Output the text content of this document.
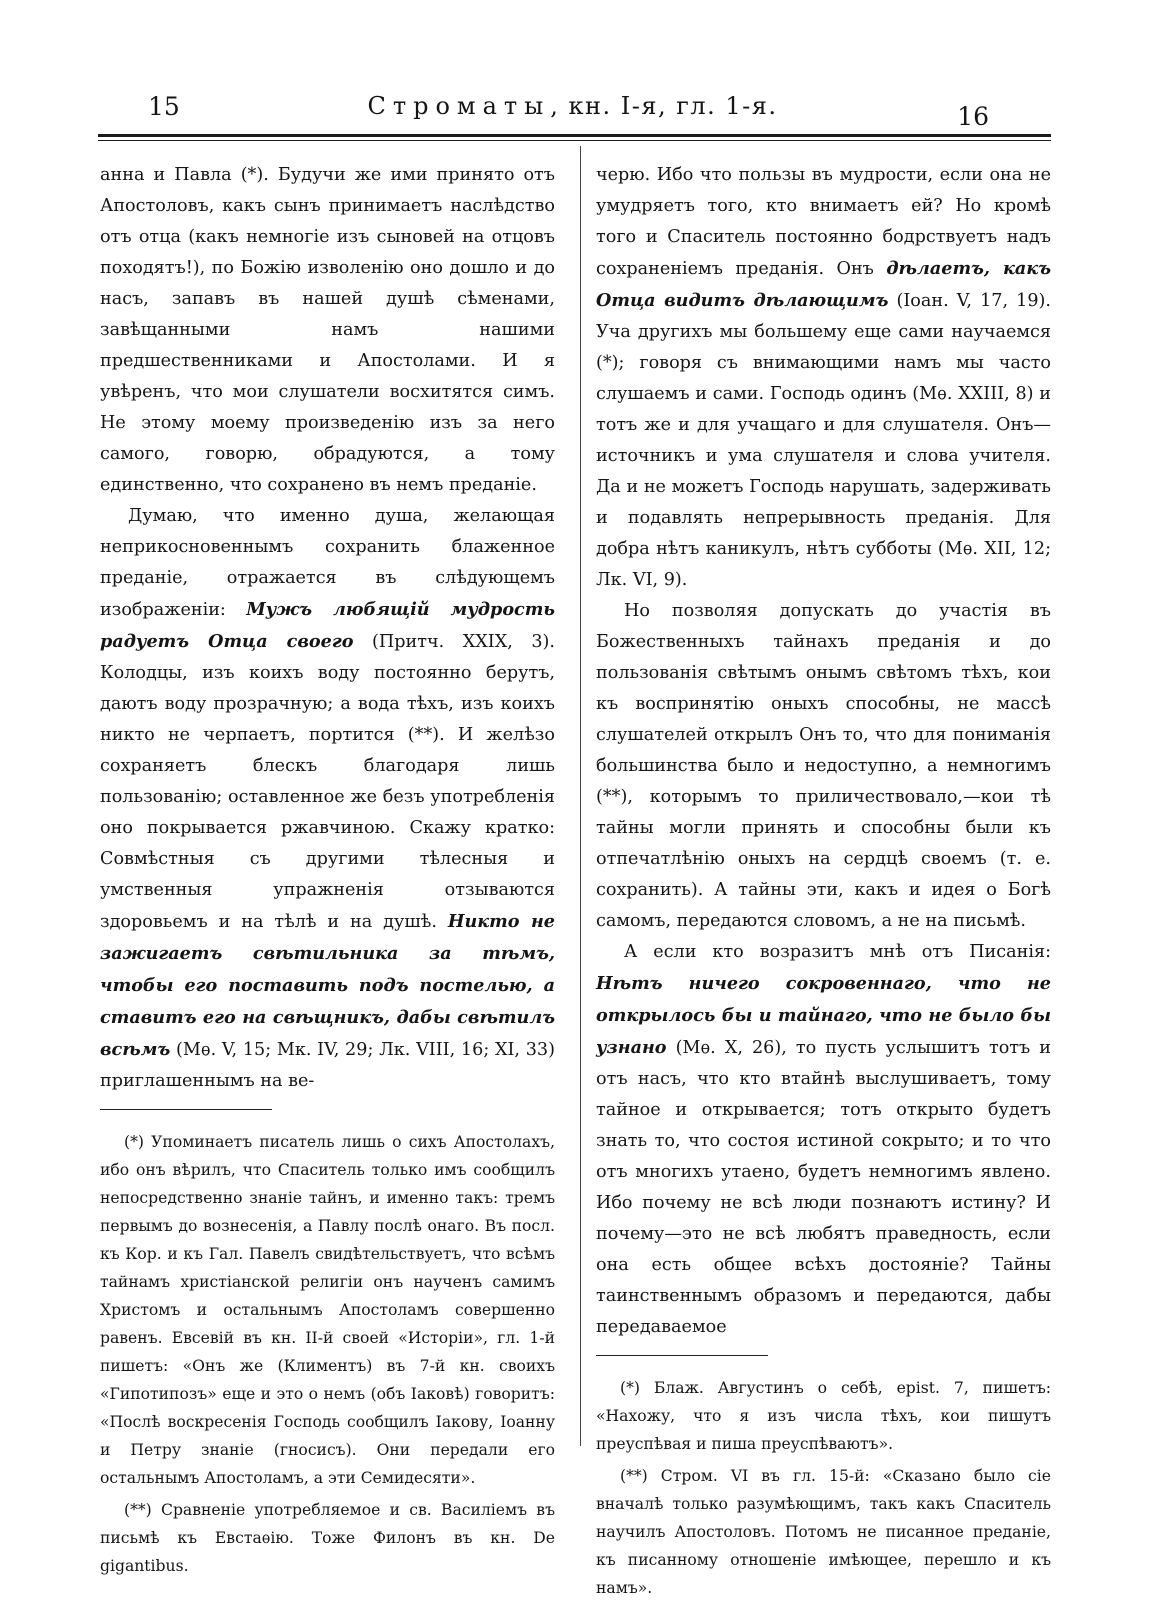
15	Строматы, кн. I-я, гл. 1-я.	16

анна и Павла (*). Будучи же ими принято отъ Апостоловъ, какъ сынъ принимаетъ наслѣдство отъ отца (какъ немногіе изъ сыновей на отцовъ походятъ!), по Божію изволенію оно дошло и до насъ, запавъ въ нашей душѣ сѣменами, завѣщанными намъ нашими предшественниками и Апостолами. И я увѣренъ, что мои слушатели восхитятся симъ. Не этому моему произведенію изъ за него самого, говорю, обрадуются, а тому единственно, что сохранено въ немъ преданіе.

Думаю, что именно душа, желающая неприкосновеннымъ сохранить блаженное преданіе, отражается въ слѣдующемъ изображеніи: Мужъ любящій мудрость радуетъ Отца своего (Притч. XXIX, 3). Колодцы, изъ коихъ воду постоянно берутъ, даютъ воду прозрачную; а вода тѣхъ, изъ коихъ никто не черпаетъ, портится (**). И желѣзо сохраняетъ блескъ благодаря лишь пользованію; оставленное же безъ употребленія оно покрывается ржавчиною. Скажу кратко: Совмѣстныя съ другими тѣлесныя и умственныя упражненія отзываются здоровьемъ и на тѣлѣ и на душѣ. Никто не зажигаетъ свѣтильника за тѣмъ, чтобы его поставить подъ постелью, а ставитъ его на свѣщникъ, дабы свѣтилъ всѣмъ (Мѳ. V, 15; Мк. IV, 29; Лк. VIII, 16; XI, 33) приглашеннымъ на ве-

(*) Упоминаетъ писатель лишь о сихъ Апостолахъ, ибо онъ вѣрилъ, что Спаситель только имъ сообщилъ непосредственно знаніе тайнъ, и именно такъ: тремъ первымъ до вознесенія, а Павлу послѣ онаго. Въ посл. къ Кор. и къ Гал. Павелъ свидѣтельствуетъ, что всѣмъ тайнамъ христіанской религіи онъ наученъ самимъ Христомъ и остальнымъ Апостоламъ совершенно равенъ. Евсевій въ кн. II-й своей «Исторіи», гл. 1-й пишетъ: «Онъ же (Климентъ) въ 7-й кн. своихъ «Гипотипозъ» еще и это о немъ (объ Іаковѣ) говоритъ: «Послѣ воскресенія Господь сообщилъ Іакову, Іоанну и Петру знаніе (гносисъ). Они передали его остальнымъ Апостоламъ, а эти Семидесяти».

(**) Сравненіе употребляемое и св. Василіемъ въ письмѣ къ Евстаѳію. Тоже Филонъ въ кн. De gigantibus.

черю. Ибо что пользы въ мудрости, если она не умудряетъ того, кто внимаетъ ей? Но кромѣ того и Спаситель постоянно бодрствуетъ надъ сохраненіемъ преданія. Онъ дѣлаетъ, какъ Отца видитъ дѣлающимъ (Іоан. V, 17, 19). Уча другихъ мы большему еще сами научаемся (*); говоря съ внимающими намъ мы часто слушаемъ и сами. Господь одинъ (Мѳ. XXIII, 8) и тотъ же и для учащаго и для слушателя. Онъ—источникъ и ума слушателя и слова учителя. Да и не можетъ Господь нарушать, задерживать и подавлять непрерывность преданія. Для добра нѣтъ каникулъ, нѣтъ субботы (Мѳ. XII, 12; Лк. VI, 9).

Но позволяя допускать до участія въ Божественныхъ тайнахъ преданія и до пользованія свѣтымъ онымъ свѣтомъ тѣхъ, кои къ воспринятію оныхъ способны, не массѣ слушателей открылъ Онъ то, что для пониманія большинства было и недоступно, а немногимъ (**), которымъ то приличествовало,—кои тѣ тайны могли принять и способны были къ отпечатлѣнію оныхъ на сердцѣ своемъ (т. е. сохранить). А тайны эти, какъ и идея о Богѣ самомъ, передаются словомъ, а не на письмѣ.

А если кто возразитъ мнѣ отъ Писанія: Нѣтъ ничего сокровеннаго, что не открылось бы и тайнаго, что не было бы узнано (Мѳ. X, 26), то пусть услышитъ тотъ и отъ насъ, что кто втайнѣ выслушиваетъ, тому тайное и открывается; тотъ открыто будетъ знать то, что состоя истиной сокрыто; и то что отъ многихъ утаено, будетъ немногимъ явлено. Ибо почему не всѣ люди познаютъ истину? И почему—это не всѣ любятъ праведность, если она есть общее всѣхъ достояніе? Тайны таинственнымъ образомъ и передаются, дабы передаваемое

(*) Блаж. Августинъ о себѣ, epist. 7, пишетъ: «Нахожу, что я изъ числа тѣхъ, кои пишутъ преуспѣвая и пиша преуспѣваютъ».

(**) Стром. VI въ гл. 15-й: «Сказано было сіе вначалѣ только разумѣющимъ, такъ какъ Спаситель научилъ Апостоловъ. Потомъ не писанное преданіе, къ писанному отношеніе имѣющее, перешло и къ намъ».
